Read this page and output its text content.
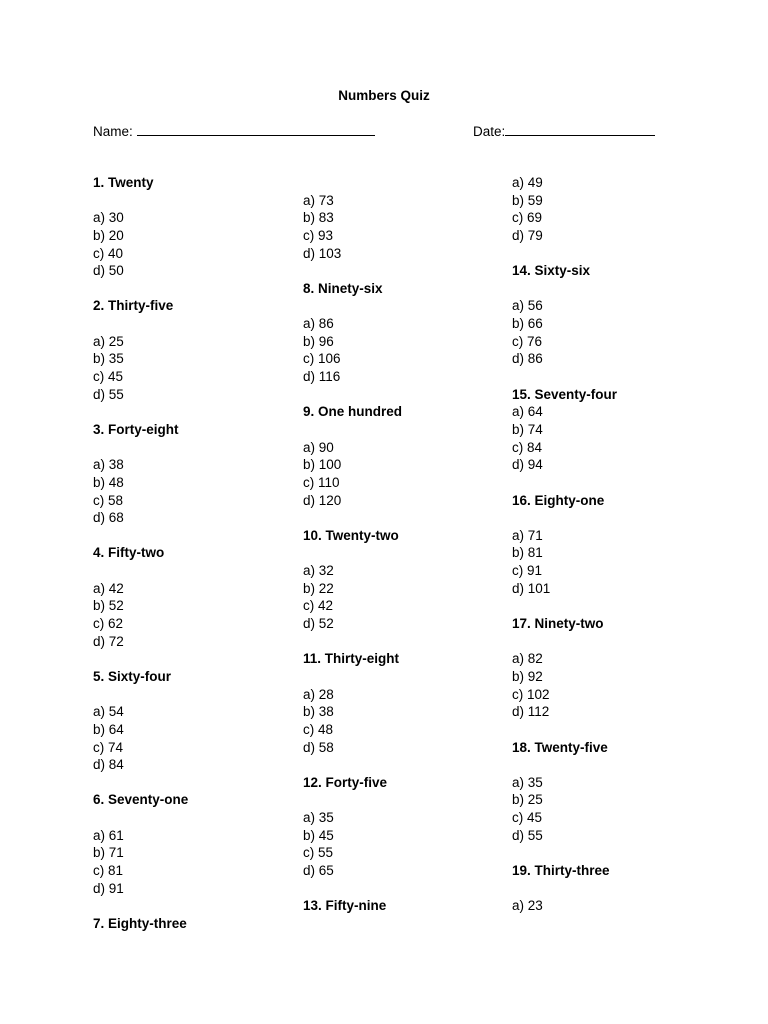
Numbers Quiz
Name:	Date:
1. Twenty
a) 30
b) 20
c) 40
d) 50
2. Thirty-five
a) 25
b) 35
c) 45
d) 55
3. Forty-eight
a) 38
b) 48
c) 58
d) 68
4. Fifty-two
a) 42
b) 52
c) 62
d) 72
5. Sixty-four
a) 54
b) 64
c) 74
d) 84
6. Seventy-one
a) 61
b) 71
c) 81
d) 91
7. Eighty-three
a) 73
b) 83
c) 93
d) 103
8. Ninety-six
a) 86
b) 96
c) 106
d) 116
9. One hundred
a) 90
b) 100
c) 110
d) 120
10. Twenty-two
a) 32
b) 22
c) 42
d) 52
11. Thirty-eight
a) 28
b) 38
c) 48
d) 58
12. Forty-five
a) 35
b) 45
c) 55
d) 65
13. Fifty-nine
a) 49
b) 59
c) 69
d) 79
14. Sixty-six
a) 56
b) 66
c) 76
d) 86
15. Seventy-four
a) 64
b) 74
c) 84
d) 94
16. Eighty-one
a) 71
b) 81
c) 91
d) 101
17. Ninety-two
a) 82
b) 92
c) 102
d) 112
18. Twenty-five
a) 35
b) 25
c) 45
d) 55
19. Thirty-three
a) 23
